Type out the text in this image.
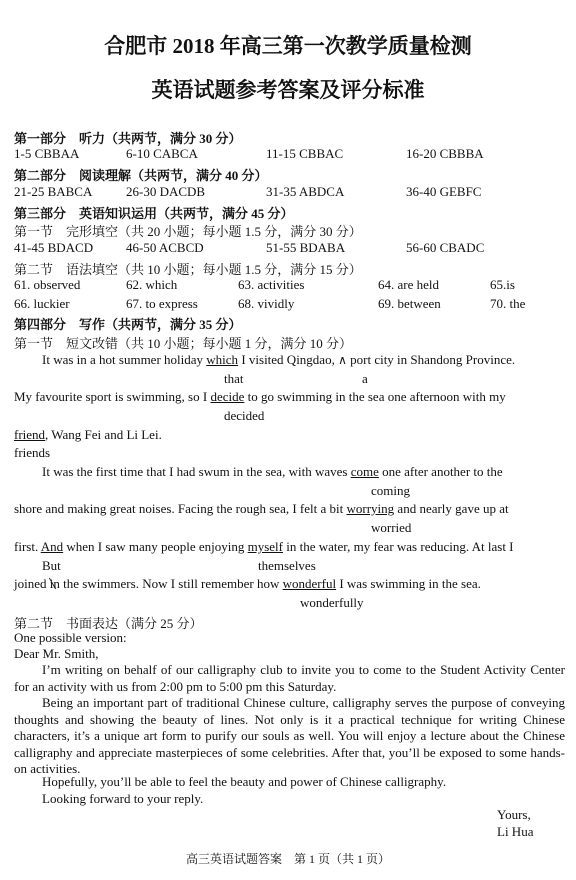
合肥市 2018 年高三第一次教学质量检测
英语试题参考答案及评分标准
第一部分　听力（共两节，满分 30 分）
1-5 CBBAA	6-10 CABCA	11-15 CBBAC	16-20 CBBBA
第二部分　阅读理解（共两节，满分 40 分）
21-25 BABCA	26-30 DACDB	31-35 ABDCA	36-40 GEBFC
第三部分　英语知识运用（共两节，满分 45 分）
第一节　完形填空（共 20 小题；每小题 1.5 分，满分 30 分）
41-45 BDACD	46-50 ACBCD	51-55 BDABA	56-60 CBADC
第二节　语法填空（共 10 小题；每小题 1.5 分，满分 15 分）
61. observed	62. which	63. activities	64. are held	65.is
66. luckier	67. to express	68. vividly	69. between	70. the
第四部分　写作（共两节，满分 35 分）
第一节　短文改错（共 10 小题；每小题 1 分，满分 10 分）
It was in a hot summer holiday which I visited Qingdao, ∧ port city in Shandong Province.
that	a
My favourite sport is swimming, so I decide to go swimming in the sea one afternoon with my
decided
friend, Wang Fei and Li Lei.
friends
It was the first time that I had swum in the sea, with waves come one after another to the
coming
shore and making great noises. Facing the rough sea, I felt a bit worrying and nearly gave up at
worried
first. And when I saw many people enjoying myself in the water, my fear was reducing. At last I
But	themselves
joined in the swimmers. Now I still remember how wonderful I was swimming in the sea.
wonderfully
第二节　书面表达（满分 25 分）
One possible version:
Dear Mr. Smith,
I’m writing on behalf of our calligraphy club to invite you to come to the Student Activity Center for an activity with us from 2:00 pm to 5:00 pm this Saturday.
Being an important part of traditional Chinese culture, calligraphy serves the purpose of conveying thoughts and showing the beauty of lines. Not only is it a practical technique for writing Chinese characters, it’s a unique art form to purify our souls as well. You will enjoy a lecture about the Chinese calligraphy and appreciate masterpieces of some celebrities. After that, you’ll be exposed to some hands-on activities.
Hopefully, you’ll be able to feel the beauty and power of Chinese calligraphy.
Looking forward to your reply.
Yours,
Li Hua
高三英语试题答案　第 1 页（共 1 页）
